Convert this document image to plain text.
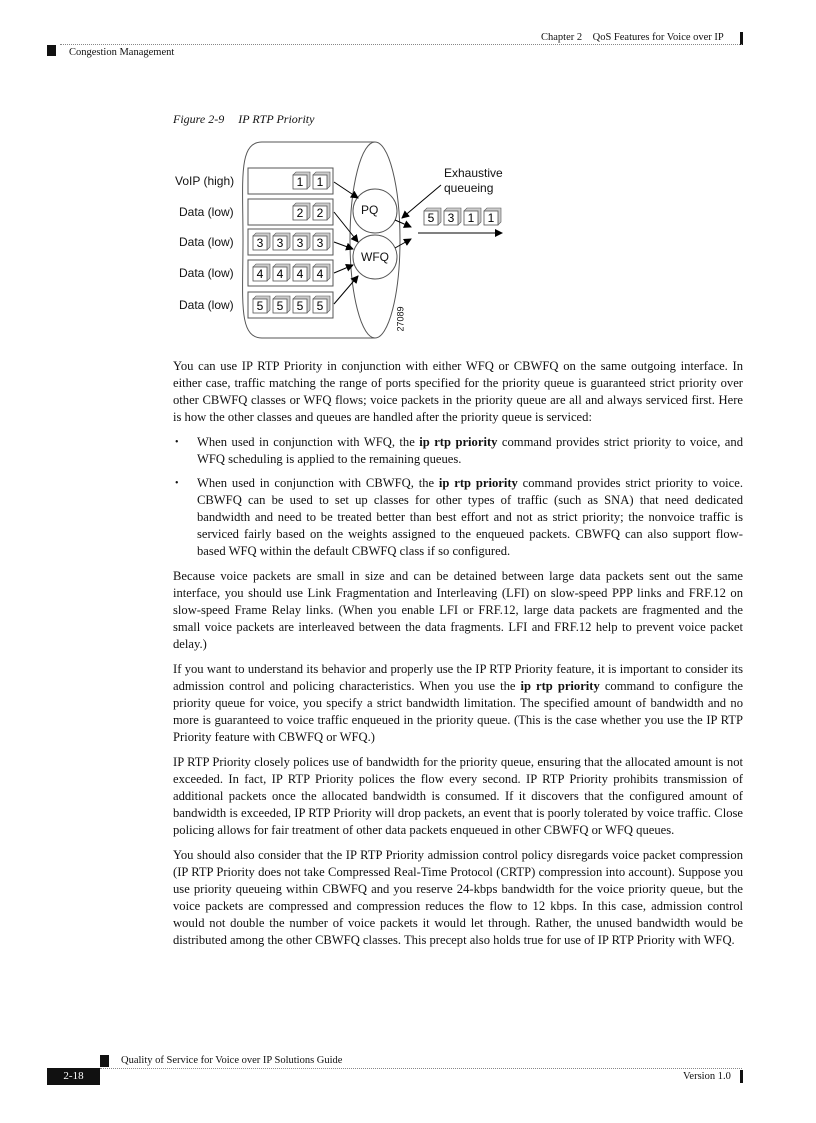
Chapter 2 QoS Features for Voice over IP
Congestion Management
Figure 2-9 IP RTP Priority
1 1
2 2
3 3 3 3
4 4 4 4
5 5 5 5
5 3 1 1
PQ
WFQ
Exhaustive
queueing
27089
VoIP (high)
Data (low)
Data (low)
Data (low)
Data (low)

You can use IP RTP Priority in conjunction with either WFQ or CBWFQ on the same outgoing interface. In either case, traffic matching the range of ports specified for the priority queue is guaranteed strict priority over other CBWFQ classes or WFQ flows; voice packets in the priority queue are all and always serviced first. Here is how the other classes and queues are handled after the priority queue is serviced:

• When used in conjunction with WFQ, the ip rtp priority command provides strict priority to voice, and WFQ scheduling is applied to the remaining queues.
• When used in conjunction with CBWFQ, the ip rtp priority command provides strict priority to voice. CBWFQ can be used to set up classes for other types of traffic (such as SNA) that need dedicated bandwidth and need to be treated better than best effort and not as strict priority; the nonvoice traffic is serviced fairly based on the weights assigned to the enqueued packets. CBWFQ can also support flow-based WFQ within the default CBWFQ class if so configured.

Because voice packets are small in size and can be detained between large data packets sent out the same interface, you should use Link Fragmentation and Interleaving (LFI) on slow-speed PPP links and FRF.12 on slow-speed Frame Relay links. (When you enable LFI or FRF.12, large data packets are fragmented and the small voice packets are interleaved between the data fragments. LFI and FRF.12 help to prevent voice packet delay.)

If you want to understand its behavior and properly use the IP RTP Priority feature, it is important to consider its admission control and policing characteristics. When you use the ip rtp priority command to configure the priority queue for voice, you specify a strict bandwidth limitation. The specified amount of bandwidth and no more is guaranteed to voice traffic enqueued in the priority queue. (This is the case whether you use the IP RTP Priority feature with CBWFQ or WFQ.)

IP RTP Priority closely polices use of bandwidth for the priority queue, ensuring that the allocated amount is not exceeded. In fact, IP RTP Priority polices the flow every second. IP RTP Priority prohibits transmission of additional packets once the allocated bandwidth is consumed. If it discovers that the configured amount of bandwidth is exceeded, IP RTP Priority will drop packets, an event that is poorly tolerated by voice traffic. Close policing allows for fair treatment of other data packets enqueued in other CBWFQ or WFQ queues.

You should also consider that the IP RTP Priority admission control policy disregards voice packet compression (IP RTP Priority does not take Compressed Real-Time Protocol (CRTP) compression into account). Suppose you use priority queueing within CBWFQ and you reserve 24-kbps bandwidth for the voice priority queue, but the voice packets are compressed and compression reduces the flow to 12 kbps. In this case, admission control would not double the number of voice packets it would let through. Rather, the unused bandwidth would be distributed among the other CBWFQ classes. This precept also holds true for use of IP RTP Priority with WFQ.

Quality of Service for Voice over IP Solutions Guide
2-18	Version 1.0
